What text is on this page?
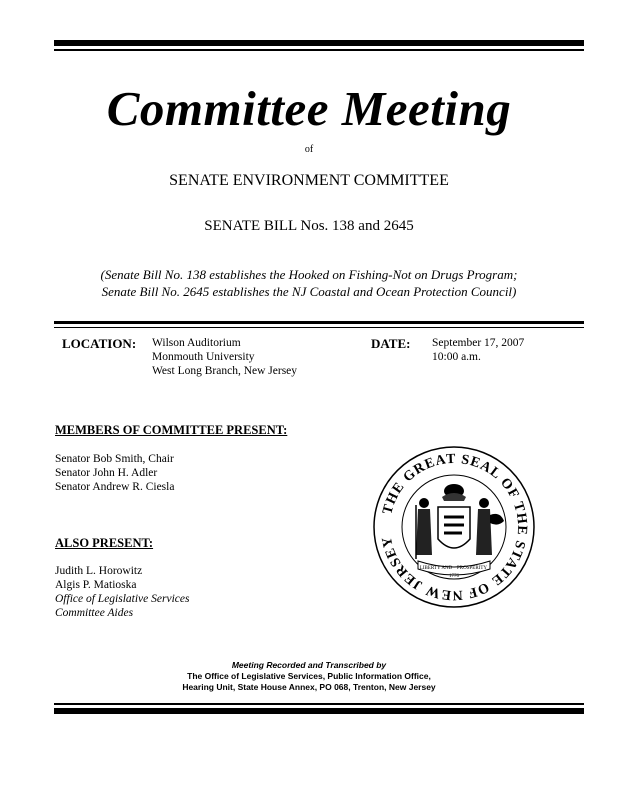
Committee Meeting
of
SENATE ENVIRONMENT COMMITTEE
SENATE BILL Nos. 138 and 2645
(Senate Bill No. 138 establishes the Hooked on Fishing-Not on Drugs Program;
Senate Bill No. 2645 establishes the NJ Coastal and Ocean Protection Council)
LOCATION: Wilson Auditorium
Monmouth University
West Long Branch, New Jersey
DATE: September 17, 2007
10:00 a.m.
MEMBERS OF COMMITTEE PRESENT:
Senator Bob Smith, Chair
Senator John H. Adler
Senator Andrew R. Ciesla
ALSO PRESENT:
Judith L. Horowitz
Algis P. Matioska
Office of Legislative Services
Committee Aides
THE GREAT SEAL OF THE STATE OF NEW JERSEY
LIBERTY AND PROSPERITY
1776
Meeting Recorded and Transcribed by
The Office of Legislative Services, Public Information Office,
Hearing Unit, State House Annex, PO 068, Trenton, New Jersey
